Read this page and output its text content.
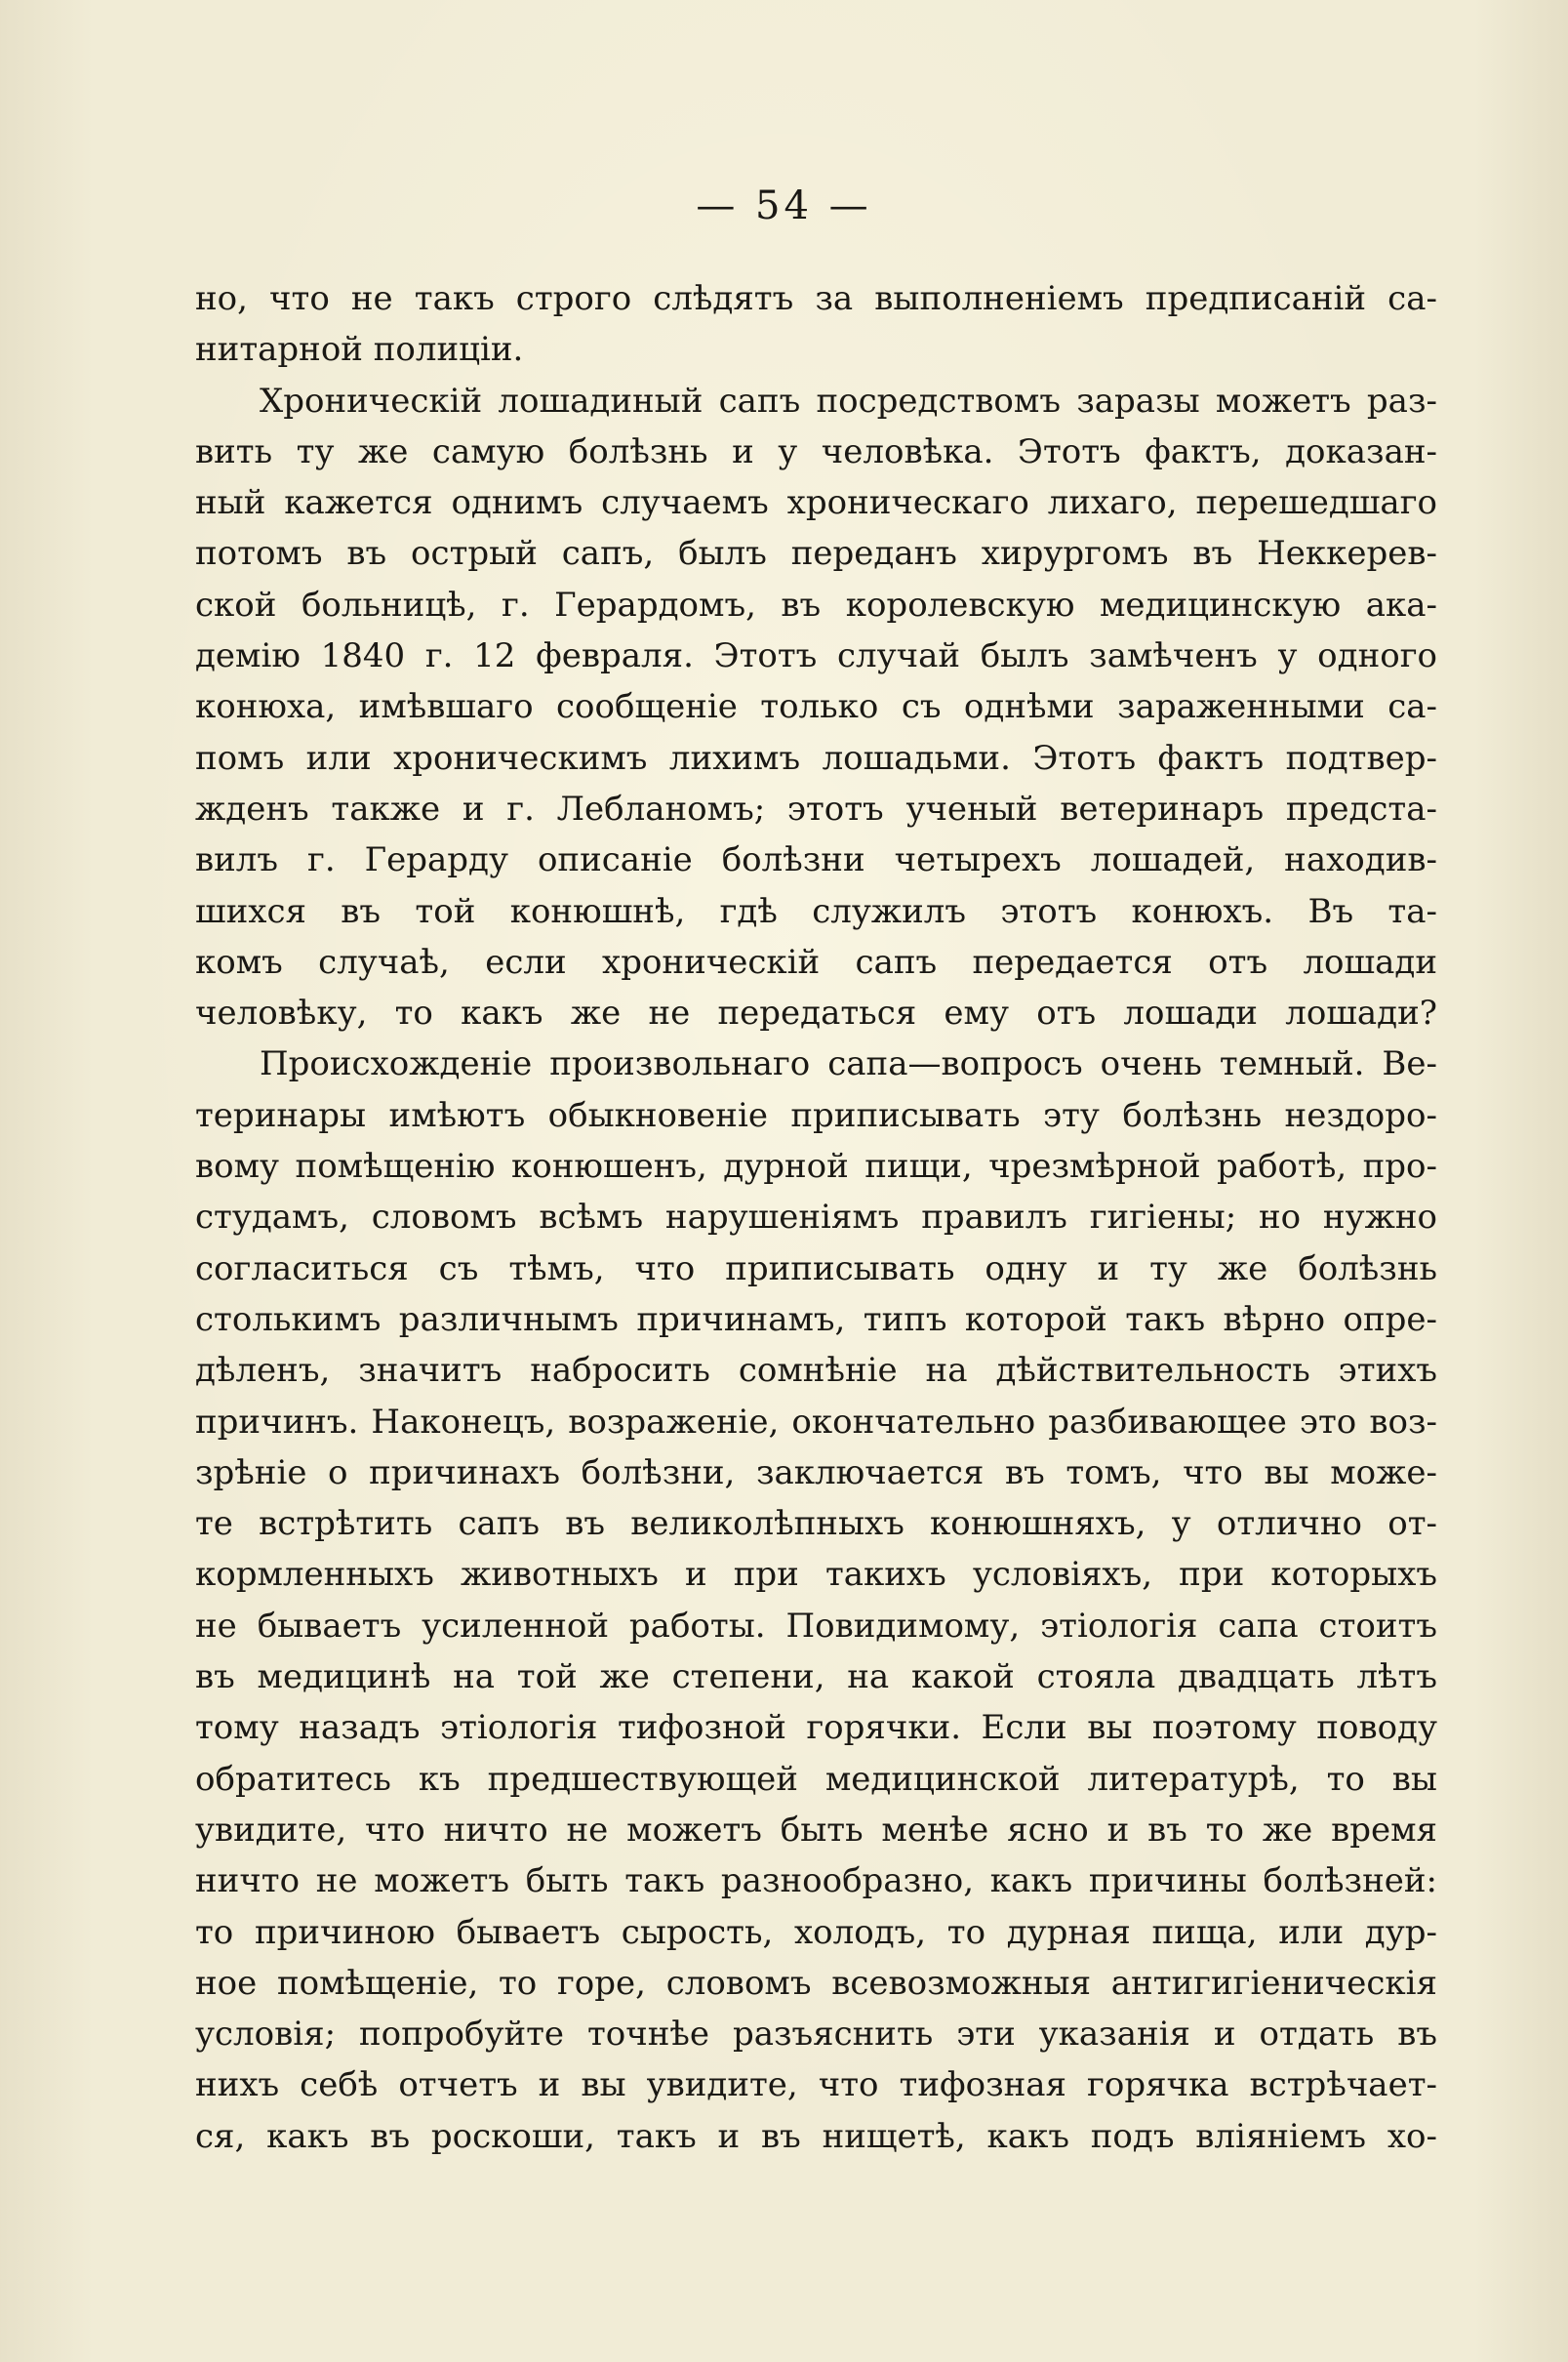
— 54 —
но, что не такъ строго слѣдятъ за выполненіемъ предписаній са-
нитарной полиціи.
Хроническій лошадиный сапъ посредствомъ заразы можетъ раз-
вить ту же самую болѣзнь и у человѣка. Этотъ фактъ, доказан-
ный кажется однимъ случаемъ хроническаго лихаго, перешедшаго
потомъ въ острый сапъ, былъ переданъ хирургомъ въ Неккерев-
ской больницѣ, г. Герардомъ, въ королевскую медицинскую ака-
демію 1840 г. 12 февраля. Этотъ случай былъ замѣченъ у одного
конюха, имѣвшаго сообщеніе только съ однѣми зараженными са-
помъ или хроническимъ лихимъ лошадьми. Этотъ фактъ подтвер-
жденъ также и г. Лебланомъ; этотъ ученый ветеринаръ предста-
вилъ г. Герарду описаніе болѣзни четырехъ лошадей, находив-
шихся въ той конюшнѣ, гдѣ служилъ этотъ конюхъ. Въ та-
комъ случаѣ, если хроническій сапъ передается отъ лошади
человѣку, то какъ же не передаться ему отъ лошади лошади?
Происхожденіе произвольнаго сапа—вопросъ очень темный. Ве-
теринары имѣютъ обыкновеніе приписывать эту болѣзнь нездоро-
вому помѣщенію конюшенъ, дурной пищи, чрезмѣрной работѣ, про-
студамъ, словомъ всѣмъ нарушеніямъ правилъ гигіены; но нужно
согласиться съ тѣмъ, что приписывать одну и ту же болѣзнь
столькимъ различнымъ причинамъ, типъ которой такъ вѣрно опре-
дѣленъ, значитъ набросить сомнѣніе на дѣйствительность этихъ
причинъ. Наконецъ, возраженіе, окончательно разбивающее это воз-
зрѣніе о причинахъ болѣзни, заключается въ томъ, что вы може-
те встрѣтить сапъ въ великолѣпныхъ конюшняхъ, у отлично от-
кормленныхъ животныхъ и при такихъ условіяхъ, при которыхъ
не бываетъ усиленной работы. Повидимому, этіологія сапа стоитъ
въ медицинѣ на той же степени, на какой стояла двадцать лѣтъ
тому назадъ этіологія тифозной горячки. Если вы поэтому поводу
обратитесь къ предшествующей медицинской литературѣ, то вы
увидите, что ничто не можетъ быть менѣе ясно и въ то же время
ничто не можетъ быть такъ разнообразно, какъ причины болѣзней:
то причиною бываетъ сырость, холодъ, то дурная пища, или дур-
ное помѣщеніе, то горе, словомъ всевозможныя антигигіеническія
условія; попробуйте точнѣе разъяснить эти указанія и отдать въ
нихъ себѣ отчетъ и вы увидите, что тифозная горячка встрѣчает-
ся, какъ въ роскоши, такъ и въ нищетѣ, какъ подъ вліяніемъ хо-
